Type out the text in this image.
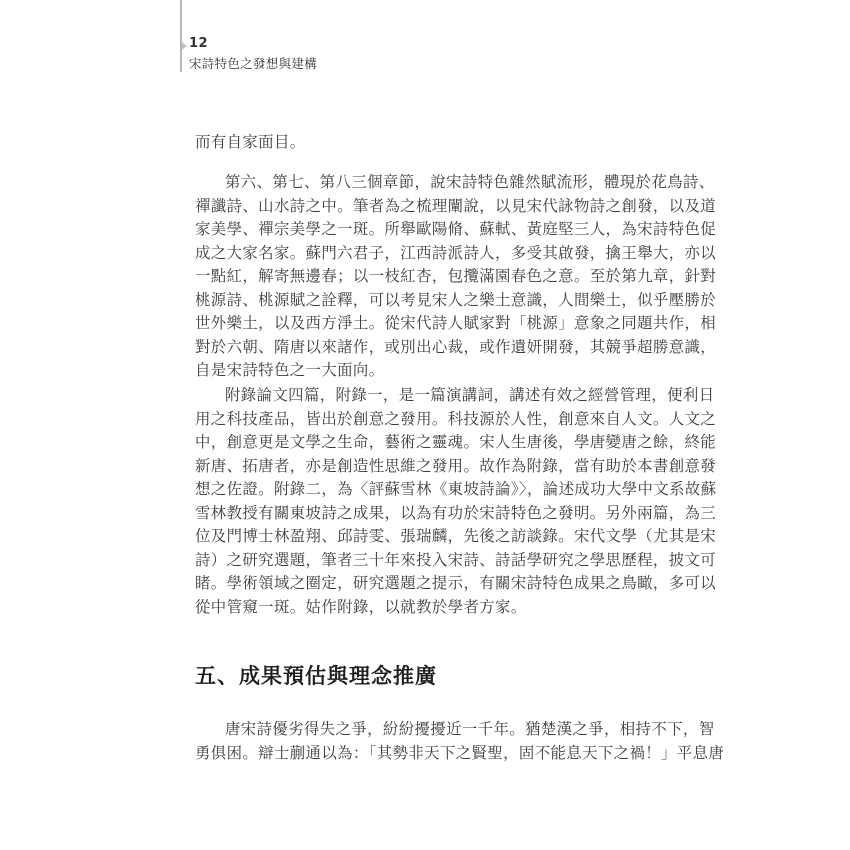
12
宋詩特色之發想與建構
而有自家面目。
第六、第七、第八三個章節，說宋詩特色雜然賦流形，體現於花鳥詩、
禪讖詩、山水詩之中。筆者為之梳理闡說，以見宋代詠物詩之創發，以及道
家美學、禪宗美學之一斑。所舉歐陽脩、蘇軾、黃庭堅三人，為宋詩特色促
成之大家名家。蘇門六君子，江西詩派詩人，多受其啟發，擒王舉大，亦以
一點紅，解寄無邊春；以一枝紅杏，包攬滿園春色之意。至於第九章，針對
桃源詩、桃源賦之詮釋，可以考見宋人之樂土意識，人間樂土，似乎壓勝於
世外樂土，以及西方淨土。從宋代詩人賦家對「桃源」意象之同題共作，相
對於六朝、隋唐以來諸作，或別出心裁，或作遺妍開發，其競爭超勝意識，
自是宋詩特色之一大面向。
附錄論文四篇，附錄一，是一篇演講詞，講述有效之經營管理，便利日
用之科技產品，皆出於創意之發用。科技源於人性，創意來自人文。人文之
中，創意更是文學之生命，藝術之靈魂。宋人生唐後，學唐變唐之餘，終能
新唐、拓唐者，亦是創造性思維之發用。故作為附錄，當有助於本書創意發
想之佐證。附錄二，為〈評蘇雪林《東坡詩論》〉，論述成功大學中文系故蘇
雪林教授有關東坡詩之成果，以為有功於宋詩特色之發明。另外兩篇，為三
位及門博士林盈翔、邱詩雯、張瑞麟，先後之訪談錄。宋代文學（尤其是宋
詩）之研究選題，筆者三十年來投入宋詩、詩話學研究之學思歷程，披文可
睹。學術領域之圈定，研究選題之提示，有關宋詩特色成果之鳥瞰，多可以
從中管窺一斑。姑作附錄，以就教於學者方家。
五、成果預估與理念推廣
唐宋詩優劣得失之爭，紛紛擾擾近一千年。猶楚漢之爭，相持不下，智
勇俱困。辯士蒯通以為：「其勢非天下之賢聖，固不能息天下之禍！」平息唐
